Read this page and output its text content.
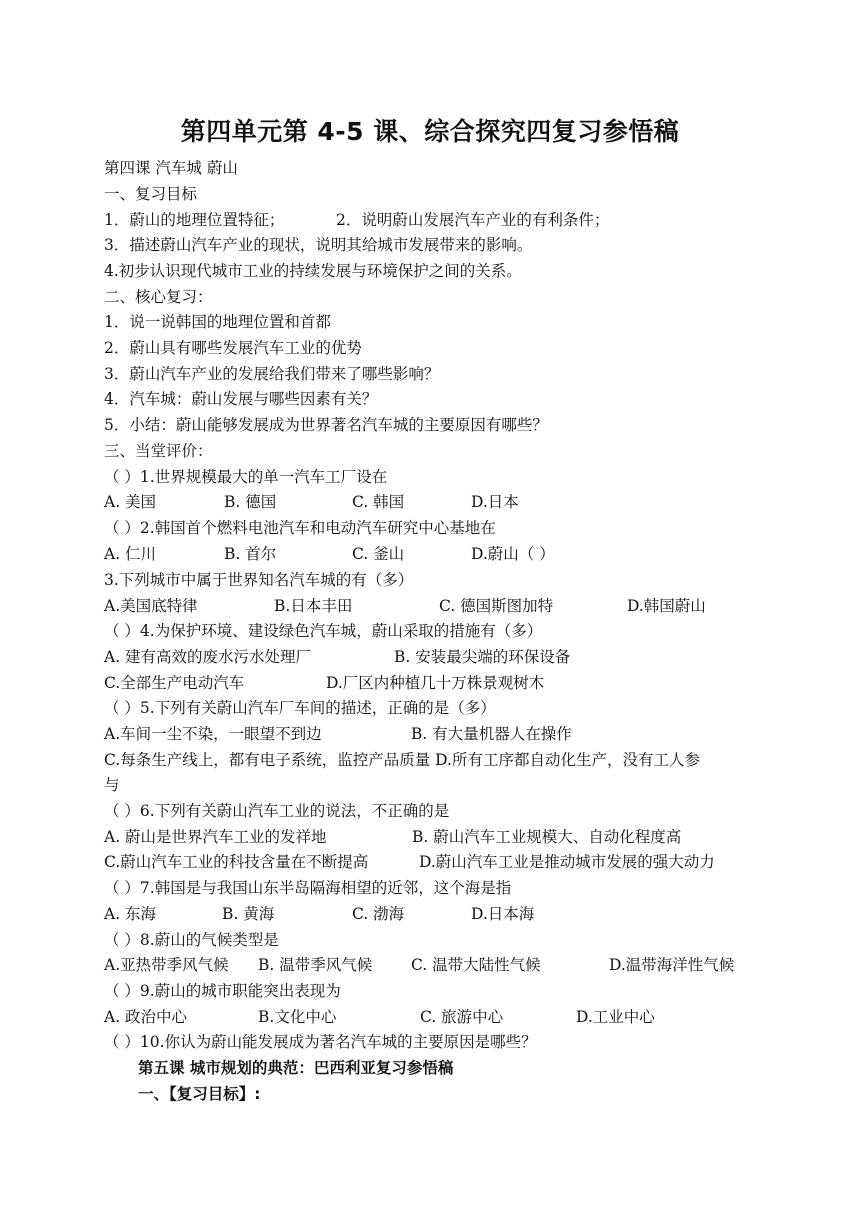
第四单元第 4-5 课、综合探究四复习参悟稿
第四课 汽车城 蔚山
一、复习目标
1．蔚山的地理位置特征；	2．说明蔚山发展汽车产业的有利条件；
3．描述蔚山汽车产业的现状，说明其给城市发展带来的影响。
4.初步认识现代城市工业的持续发展与环境保护之间的关系。
二、核心复习：
1．说一说韩国的地理位置和首都
2．蔚山具有哪些发展汽车工业的优势
3．蔚山汽车产业的发展给我们带来了哪些影响？
4．汽车城：蔚山发展与哪些因素有关？
5．小结：蔚山能够发展成为世界著名汽车城的主要原因有哪些？
三、当堂评价：
（ ）1.世界规模最大的单一汽车工厂设在
A. 美国	B. 德国	C. 韩国	D.日本
（ ）2.韩国首个燃料电池汽车和电动汽车研究中心基地在
A. 仁川	B. 首尔	C. 釜山	D.蔚山（ ）
3.下列城市中属于世界知名汽车城的有（多）
A.美国底特律	B.日本丰田	C. 德国斯图加特	D.韩国蔚山
（ ）4.为保护环境、建设绿色汽车城，蔚山采取的措施有（多）
A. 建有高效的废水污水处理厂	B. 安装最尖端的环保设备
C.全部生产电动汽车	D.厂区内种植几十万株景观树木
（ ）5.下列有关蔚山汽车厂车间的描述，正确的是（多）
A.车间一尘不染，一眼望不到边	B. 有大量机器人在操作
C.每条生产线上，都有电子系统，监控产品质量 D.所有工序都自动化生产，没有工人参
与
（ ）6.下列有关蔚山汽车工业的说法，不正确的是
A. 蔚山是世界汽车工业的发祥地	B. 蔚山汽车工业规模大、自动化程度高
C.蔚山汽车工业的科技含量在不断提高	D.蔚山汽车工业是推动城市发展的强大动力
（ ）7.韩国是与我国山东半岛隔海相望的近邻，这个海是指
A. 东海	B. 黄海	C. 渤海	D.日本海
（ ）8.蔚山的气候类型是
A.亚热带季风气候 B. 温带季风气候	C. 温带大陆性气候	D.温带海洋性气候
（ ）9.蔚山的城市职能突出表现为
A. 政治中心	B.文化中心	C. 旅游中心	D.工业中心
（ ）10.你认为蔚山能发展成为著名汽车城的主要原因是哪些？
第五课 城市规划的典范：巴西利亚复习参悟稿
一、【复习目标】:
